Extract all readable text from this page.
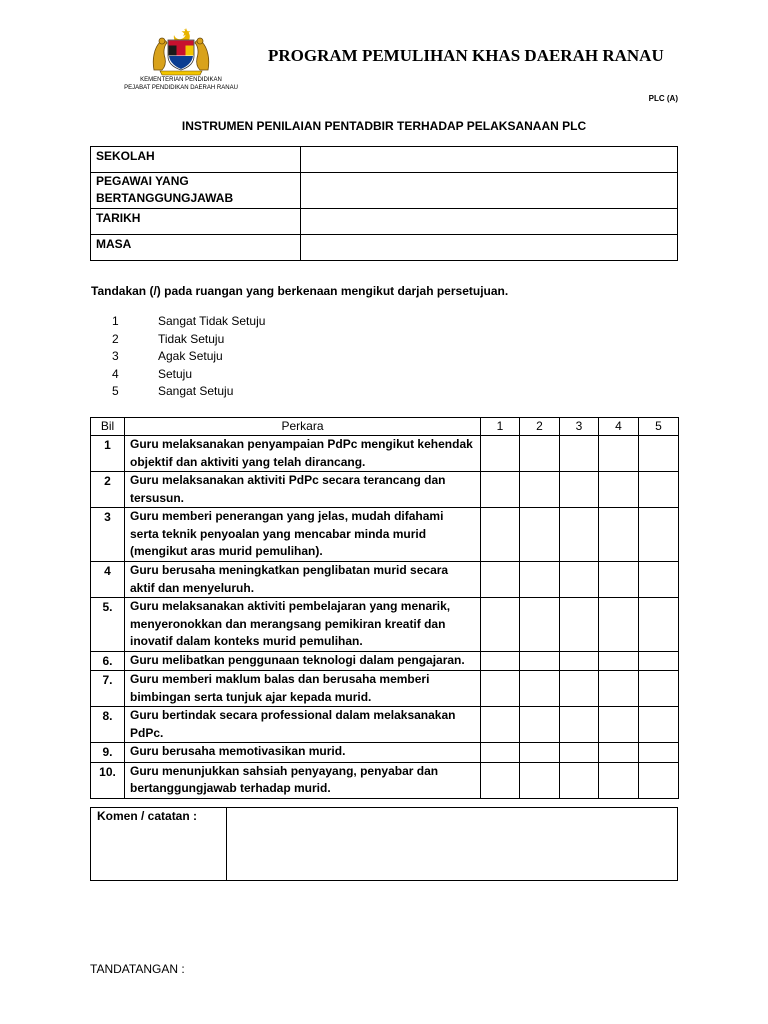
KEMENTERIAN PENDIDIKAN
PEJABAT PENDIDIKAN DAERAH RANAU
PROGRAM PEMULIHAN KHAS DAERAH RANAU
PLC (A)
INSTRUMEN PENILAIAN PENTADBIR TERHADAP PELAKSANAAN PLC
SEKOLAH	
PEGAWAI YANG BERTANGGUNGJAWAB	
TARIKH	
MASA	
Tandakan (/) pada ruangan yang berkenaan mengikut darjah persetujuan.
1	Sangat Tidak Setuju
2	Tidak Setuju
3	Agak Setuju
4	Setuju
5	Sangat Setuju
Bil	Perkara	1	2	3	4	5
1	Guru melaksanakan penyampaian PdPc mengikut kehendak objektif dan aktiviti yang telah dirancang.					
2	Guru melaksanakan aktiviti PdPc secara terancang dan tersusun.					
3	Guru memberi penerangan yang jelas, mudah difahami serta teknik penyoalan yang mencabar minda murid (mengikut aras murid pemulihan).					
4	Guru berusaha meningkatkan penglibatan murid secara aktif dan menyeluruh.					
5.	Guru melaksanakan aktiviti pembelajaran yang menarik, menyeronokkan dan merangsang pemikiran kreatif dan inovatif dalam konteks murid pemulihan.					
6.	Guru melibatkan penggunaan teknologi dalam pengajaran.					
7.	Guru memberi maklum balas dan berusaha memberi bimbingan serta tunjuk ajar kepada murid.					
8.	Guru bertindak secara professional dalam melaksanakan PdPc.					
9.	Guru berusaha memotivasikan murid.					
10.	Guru menunjukkan sahsiah penyayang, penyabar dan bertanggungjawab terhadap murid.					
Komen / catatan :	
TANDATANGAN :
